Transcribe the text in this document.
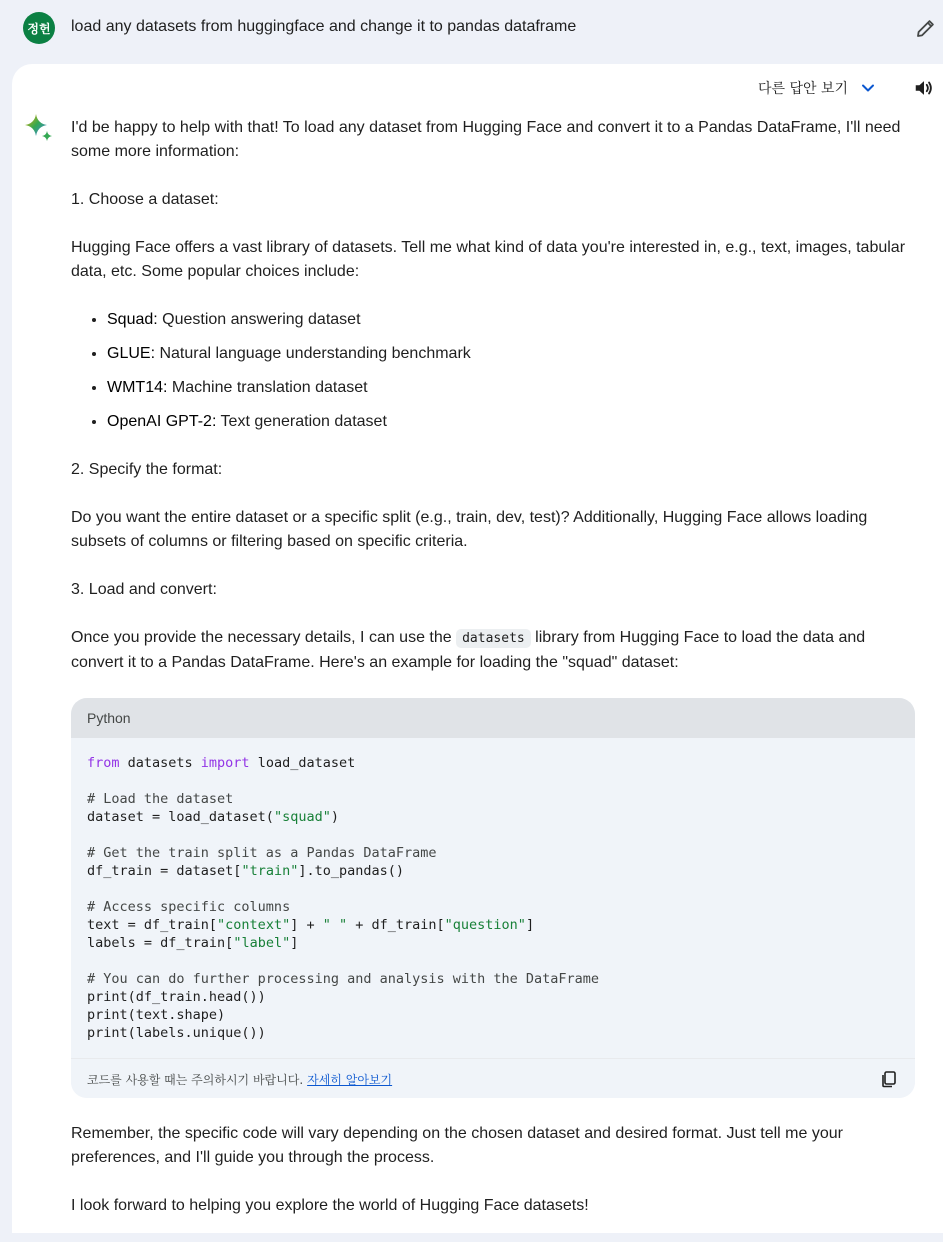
정헌 load any datasets from huggingface and change it to pandas dataframe
다른 답안 보기

I'd be happy to help with that! To load any dataset from Hugging Face and convert it to a Pandas DataFrame, I'll need some more information:

1. Choose a dataset:

Hugging Face offers a vast library of datasets. Tell me what kind of data you're interested in, e.g., text, images, tabular data, etc. Some popular choices include:

• Squad: Question answering dataset
• GLUE: Natural language understanding benchmark
• WMT14: Machine translation dataset
• OpenAI GPT-2: Text generation dataset

2. Specify the format:

Do you want the entire dataset or a specific split (e.g., train, dev, test)? Additionally, Hugging Face allows loading subsets of columns or filtering based on specific criteria.

3. Load and convert:

Once you provide the necessary details, I can use the datasets library from Hugging Face to load the data and convert it to a Pandas DataFrame. Here's an example for loading the "squad" dataset:

Python
from datasets import load_dataset

# Load the dataset
dataset = load_dataset("squad")

# Get the train split as a Pandas DataFrame
df_train = dataset["train"].to_pandas()

# Access specific columns
text = df_train["context"] + " " + df_train["question"]
labels = df_train["label"]

# You can do further processing and analysis with the DataFrame
print(df_train.head())
print(text.shape)
print(labels.unique())
코드를 사용할 때는 주의하시기 바랍니다. 자세히 알아보기

Remember, the specific code will vary depending on the chosen dataset and desired format. Just tell me your preferences, and I'll guide you through the process.

I look forward to helping you explore the world of Hugging Face datasets!
